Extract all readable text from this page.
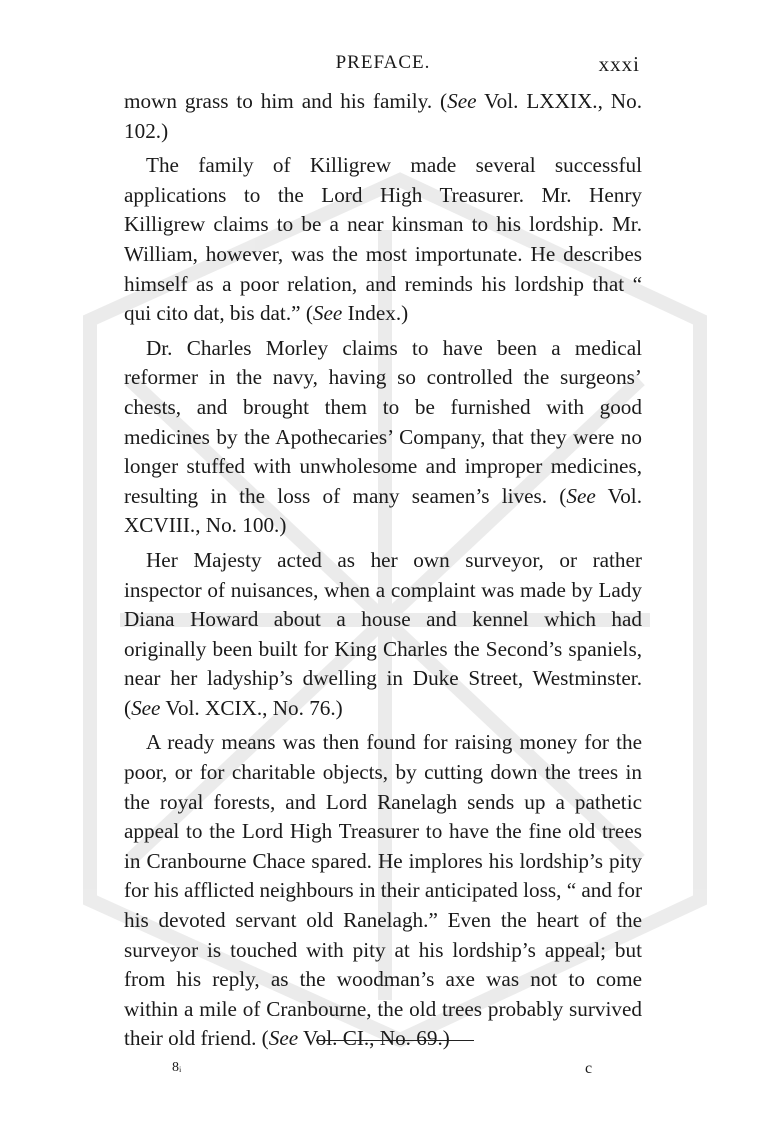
PREFACE.	xxxi

mown grass to him and his family. (See Vol. LXXIX., No. 102.)

The family of Killigrew made several successful applications to the Lord High Treasurer. Mr. Henry Killigrew claims to be a near kinsman to his lordship. Mr. William, however, was the most importunate. He describes himself as a poor relation, and reminds his lordship that “ qui cito dat, bis dat.” (See Index.)

Dr. Charles Morley claims to have been a medical reformer in the navy, having so controlled the surgeons’ chests, and brought them to be furnished with good medicines by the Apothecaries’ Company, that they were no longer stuffed with unwholesome and improper medicines, resulting in the loss of many seamen’s lives. (See Vol. XCVIII., No. 100.)

Her Majesty acted as her own surveyor, or rather inspector of nuisances, when a complaint was made by Lady Diana Howard about a house and kennel which had originally been built for King Charles the Second’s spaniels, near her ladyship’s dwelling in Duke Street, Westminster. (See Vol. XCIX., No. 76.)

A ready means was then found for raising money for the poor, or for charitable objects, by cutting down the trees in the royal forests, and Lord Ranelagh sends up a pathetic appeal to the Lord High Treasurer to have the fine old trees in Cranbourne Chace spared. He implores his lordship’s pity for his afflicted neighbours in their anticipated loss, “ and for his devoted servant old Ranelagh.” Even the heart of the surveyor is touched with pity at his lordship’s appeal; but from his reply, as the woodman’s axe was not to come within a mile of Cranbourne, the old trees probably survived their old friend. (See Vol. CI., No. 69.)

8ᵢ	c
